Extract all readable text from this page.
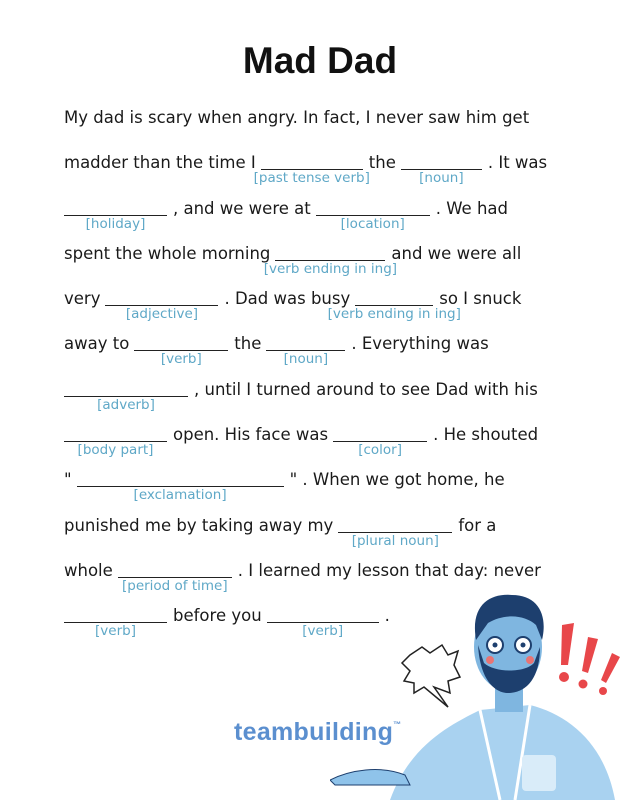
Mad Dad
My dad is scary when angry. In fact, I never saw him get
madder than the time I
[past tense verb]
the
[noun]
. It was
[holiday]
, and we were at
[location]
. We had
spent the whole morning
[verb ending in ing]
and we were all
very
[adjective]
. Dad was busy
[verb ending in ing]
so I snuck
away to
[verb]
the
[noun]
. Everything was
[adverb]
, until I turned around to see Dad with his
[body part]
open. His face was
[color]
. He shouted
"
[exclamation]
" . When we got home, he
punished me by taking away my
[plural noun]
for a
whole
[period of time]
. I learned my lesson that day: never
[verb]
before you
[verb]
.
teambuilding™
